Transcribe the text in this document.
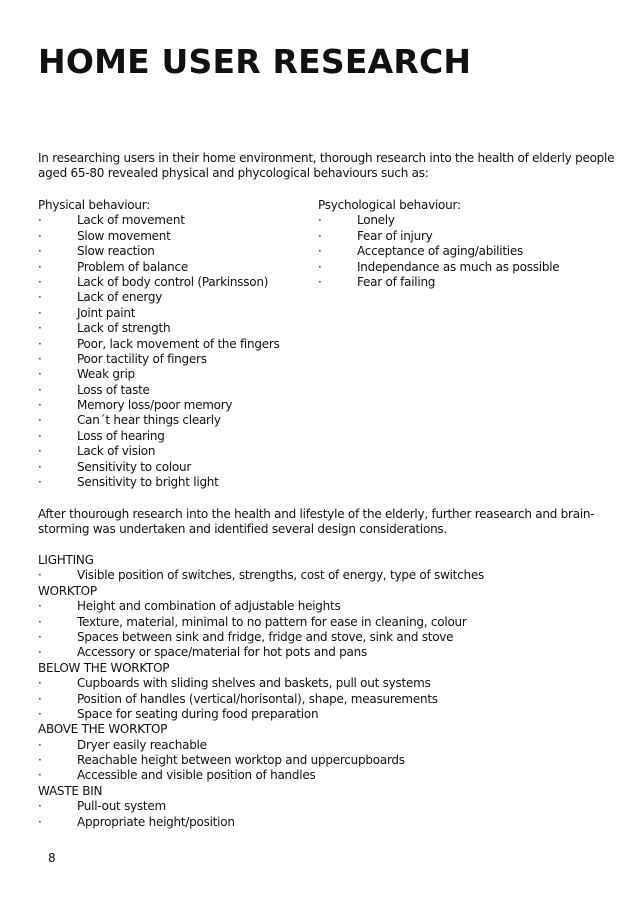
HOME USER RESEARCH
In researching users in their home environment, thorough research into the health of elderly people
aged 65-80 revealed physical and phycological behaviours such as:
Physical behaviour:
·	Lack of movement
·	Slow movement
·	Slow reaction
·	Problem of balance
·	Lack of body control (Parkinsson)
·	Lack of energy
·	Joint paint
·	Lack of strength
·	Poor, lack movement of the fingers
·	Poor tactility of fingers
·	Weak grip
·	Loss of taste
·	Memory loss/poor memory
·	Can´t hear things clearly
·	Loss of hearing
·	Lack of vision
·	Sensitivity to colour
·	Sensitivity to bright light
Psychological behaviour:
·	Lonely
·	Fear of injury
·	Acceptance of aging/abilities
·	Independance as much as possible
·	Fear of failing
After thourough research into the health and lifestyle of the elderly, further reasearch and brain-
storming was undertaken and identified several design considerations.
LIGHTING
·	Visible position of switches, strengths, cost of energy, type of switches
WORKTOP
·	Height and combination of adjustable heights
·	Texture, material, minimal to no pattern for ease in cleaning, colour
·	Spaces between sink and fridge, fridge and stove, sink and stove
·	Accessory or space/material for hot pots and pans
BELOW THE WORKTOP
·	Cupboards with sliding shelves and baskets, pull out systems
·	Position of handles (vertical/horisontal), shape, measurements
·	Space for seating during food preparation
ABOVE THE WORKTOP
·	Dryer easily reachable
·	Reachable height between worktop and uppercupboards
·	Accessible and visible position of handles
WASTE BIN
·	Pull-out system
·	Appropriate height/position
8
